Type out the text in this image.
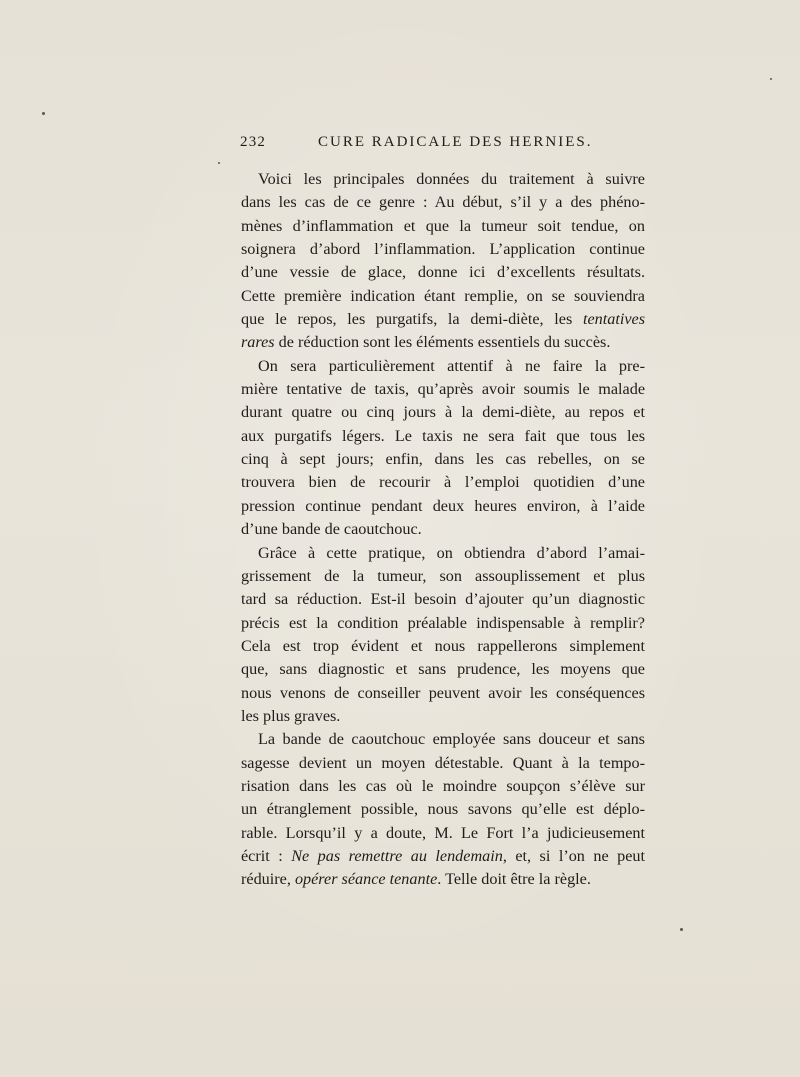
232	CURE RADICALE DES HERNIES.
Voici les principales données du traitement à suivre
dans les cas de ce genre : Au début, s’il y a des phéno-
mènes d’inflammation et que la tumeur soit tendue, on
soignera d’abord l’inflammation. L’application continue
d’une vessie de glace, donne ici d’excellents résultats.
Cette première indication étant remplie, on se souviendra
que le repos, les purgatifs, la demi-diète, les tentatives
rares de réduction sont les éléments essentiels du succès.
On sera particulièrement attentif à ne faire la pre-
mière tentative de taxis, qu’après avoir soumis le malade
durant quatre ou cinq jours à la demi-diète, au repos et
aux purgatifs légers. Le taxis ne sera fait que tous les
cinq à sept jours; enfin, dans les cas rebelles, on se
trouvera bien de recourir à l’emploi quotidien d’une
pression continue pendant deux heures environ, à l’aide
d’une bande de caoutchouc.
Grâce à cette pratique, on obtiendra d’abord l’amai-
grissement de la tumeur, son assouplissement et plus
tard sa réduction. Est-il besoin d’ajouter qu’un diagnostic
précis est la condition préalable indispensable à remplir?
Cela est trop évident et nous rappellerons simplement
que, sans diagnostic et sans prudence, les moyens que
nous venons de conseiller peuvent avoir les conséquences
les plus graves.
La bande de caoutchouc employée sans douceur et sans
sagesse devient un moyen détestable. Quant à la tempo-
risation dans les cas où le moindre soupçon s’élève sur
un étranglement possible, nous savons qu’elle est déplo-
rable. Lorsqu’il y a doute, M. Le Fort l’a judicieusement
écrit : Ne pas remettre au lendemain, et, si l’on ne peut
réduire, opérer séance tenante. Telle doit être la règle.
